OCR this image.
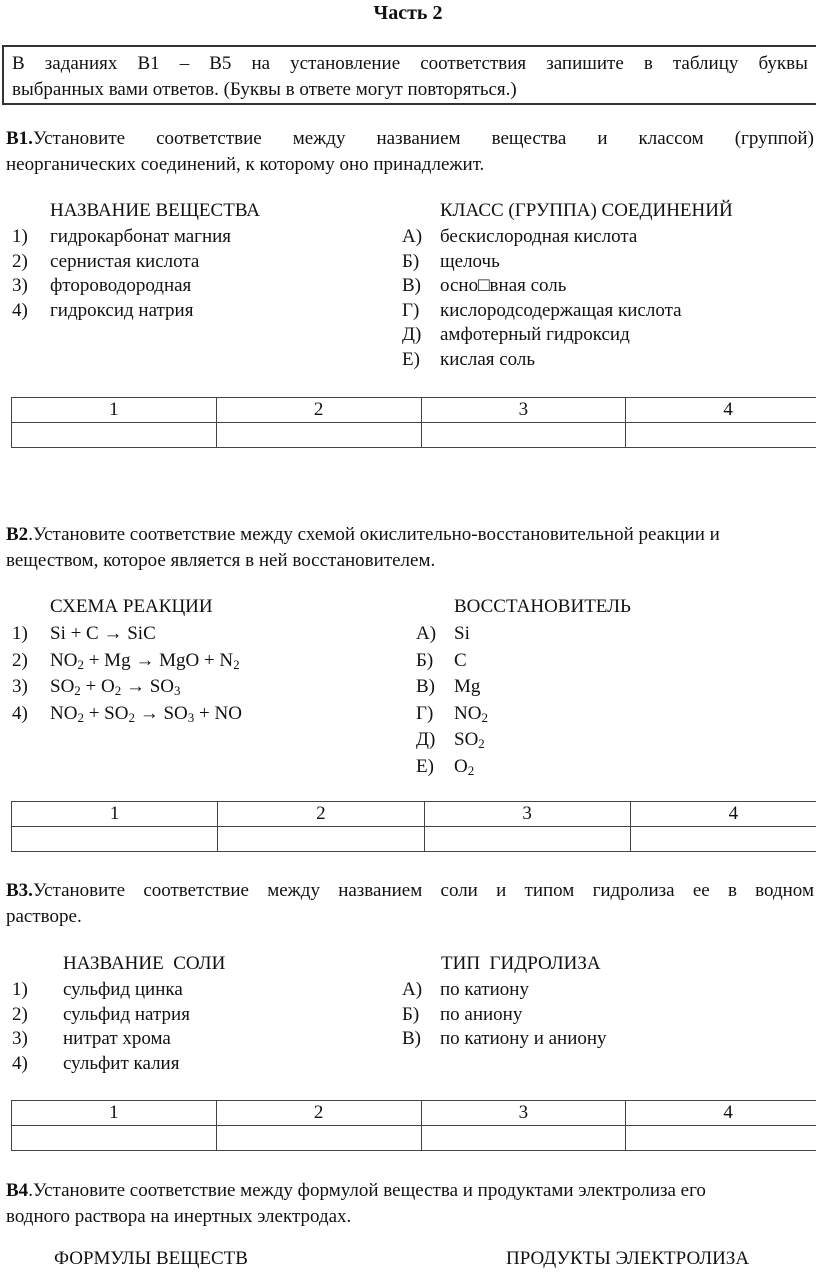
Часть 2
В заданиях В1 – В5 на установление соответствия запишите в таблицу буквы
выбранных вами ответов. (Буквы в ответе могут повторяться.)
В1.Установите соответствие между названием вещества и классом (группой)
неорганических соединений, к которому оно принадлежит.
НАЗВАНИЕ ВЕЩЕСТВА	КЛАСС (ГРУППА) СОЕДИНЕНИЙ
1) гидрокарбонат магния
2) сернистая кислота
3) фтороводородная
4) гидроксид натрия
А) бескислородная кислота
Б) щелочь
В) осно□вная соль
Г) кислородсодержащая кислота
Д) амфотерный гидроксид
Е) кислая соль
1	2	3	4

В2.Установите соответствие между схемой окислительно-восстановительной реакции и
веществом, которое является в ней восстановителем.
СХЕМА РЕАКЦИИ	ВОССТАНОВИТЕЛЬ
1) Si + C → SiC
2) $NO_2 + Mg$ → MgO + $N_2$
3) $SO_2 + O_2 \to SO_3$
4) $NO_2 + SO_2 \to SO_3$ + NO
А) Si
Б) C
В) Mg
Г) $NO_2$
Д) $SO_2$
Е) $O_2$
1	2	3	4

В3.Установите соответствие между названием соли и типом гидролиза ее в водном
растворе.
НАЗВАНИЕ  СОЛИ	ТИП  ГИДРОЛИЗА
1) сульфид цинка
2) сульфид натрия
3) нитрат хрома
4) сульфит калия
А) по катиону
Б) по аниону
В) по катиону и аниону
1	2	3	4

В4.Установите соответствие между формулой вещества и продуктами электролиза его
водного раствора на инертных электродах.
ФОРМУЛЫ ВЕЩЕСТВ	ПРОДУКТЫ ЭЛЕКТРОЛИЗА
